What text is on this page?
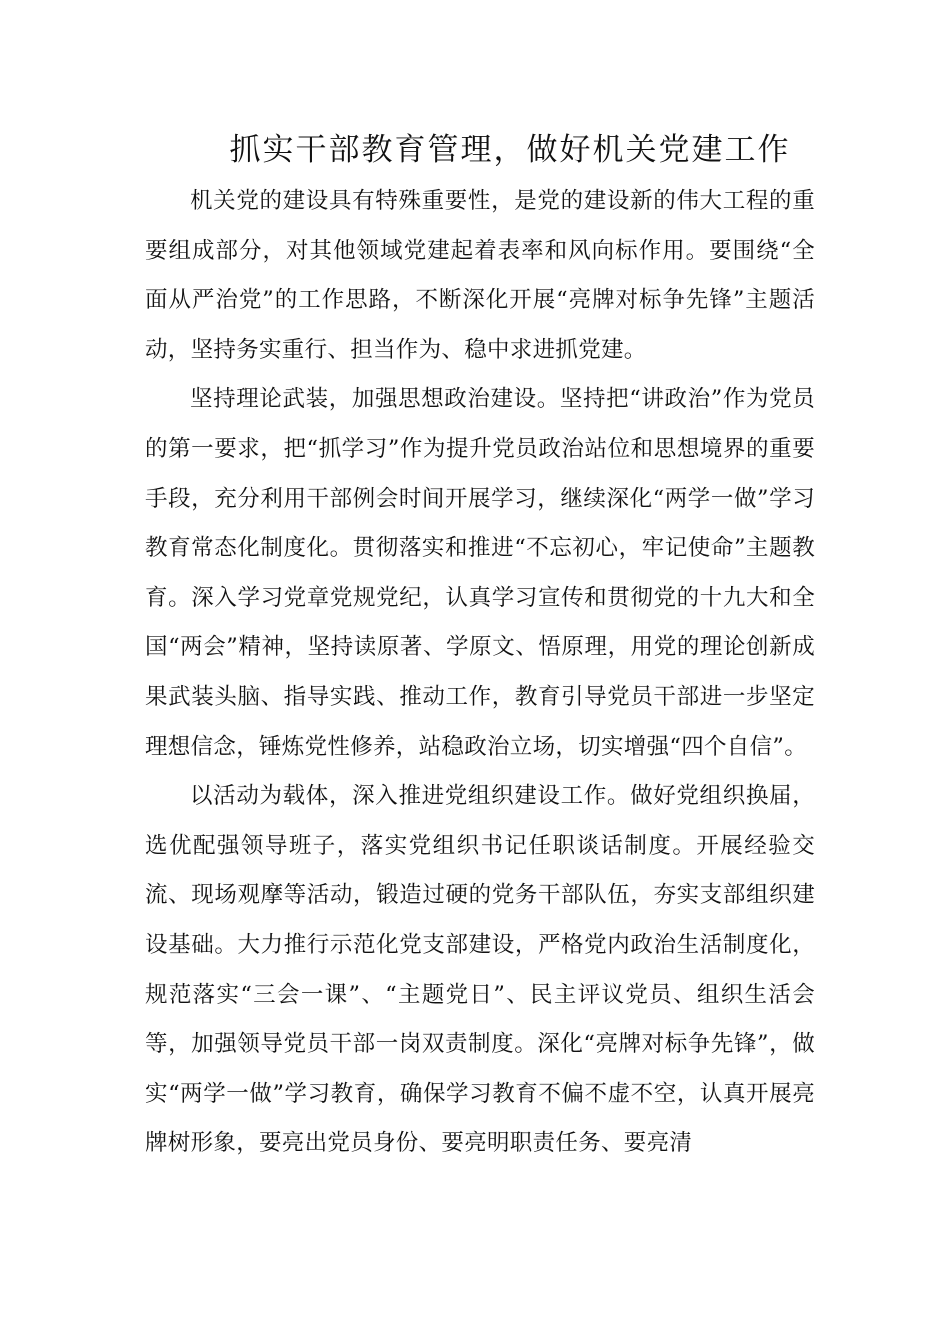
抓实干部教育管理，做好机关党建工作

机关党的建设具有特殊重要性，是党的建设新的伟大工程的重要组成部分，对其他领域党建起着表率和风向标作用。要围绕“全面从严治党”的工作思路，不断深化开展“亮牌对标争先锋”主题活动，坚持务实重行、担当作为、稳中求进抓党建。

坚持理论武装，加强思想政治建设。坚持把“讲政治”作为党员的第一要求，把“抓学习”作为提升党员政治站位和思想境界的重要手段，充分利用干部例会时间开展学习，继续深化“两学一做”学习教育常态化制度化。贯彻落实和推进“不忘初心，牢记使命”主题教育。深入学习党章党规党纪，认真学习宣传和贯彻党的十九大和全国“两会”精神，坚持读原著、学原文、悟原理，用党的理论创新成果武装头脑、指导实践、推动工作，教育引导党员干部进一步坚定理想信念，锤炼党性修养，站稳政治立场，切实增强“四个自信”。

以活动为载体，深入推进党组织建设工作。做好党组织换届，选优配强领导班子，落实党组织书记任职谈话制度。开展经验交流、现场观摩等活动，锻造过硬的党务干部队伍，夯实支部组织建设基础。大力推行示范化党支部建设，严格党内政治生活制度化，规范落实“三会一课”、“主题党日”、民主评议党员、组织生活会等，加强领导党员干部一岗双责制度。深化“亮牌对标争先锋”，做实“两学一做”学习教育，确保学习教育不偏不虚不空，认真开展亮牌树形象，要亮出党员身份、要亮明职责任务、要亮清
